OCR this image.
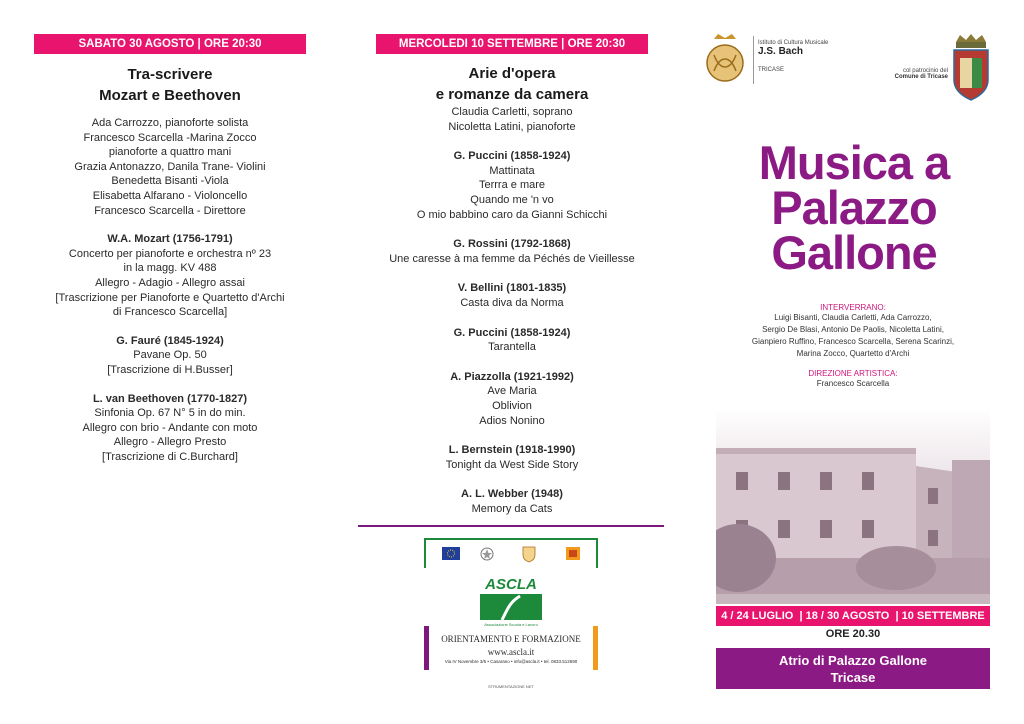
SABATO 30 AGOSTO | ORE 20:30
Tra-scrivere
Mozart e Beethoven
Ada Carrozzo, pianoforte solista
Francesco Scarcella -Marina Zocco
pianoforte a quattro mani
Grazia Antonazzo, Danila Trane- Violini
Benedetta Bisanti -Viola
Elisabetta Alfarano - Violoncello
Francesco Scarcella - Direttore
W.A. Mozart (1756-1791)
Concerto per pianoforte e orchestra nº 23
in la magg. KV 488
Allegro - Adagio - Allegro assai
[Trascrizione per Pianoforte e Quartetto d'Archi
di Francesco Scarcella]
G. Fauré (1845-1924)
Pavane Op. 50
[Trascrizione di H.Busser]
L. van Beethoven (1770-1827)
Sinfonia Op. 67 N° 5 in do min.
Allegro con brio - Andante con moto
Allegro - Allegro Presto
[Trascrizione di C.Burchard]
MERCOLEDI 10 SETTEMBRE | ORE 20:30
Arie d'opera
e romanze da camera
Claudia Carletti, soprano
Nicoletta Latini, pianoforte
G. Puccini (1858-1924)
Mattinata
Terrra e mare
Quando me 'n vo
O mio babbino caro da Gianni Schicchi
G. Rossini (1792-1868)
Une caresse à ma femme da Péchés de Vieillesse
V. Bellini (1801-1835)
Casta diva da Norma
G. Puccini (1858-1924)
Tarantella
A. Piazzolla (1921-1992)
Ave Maria
Oblivion
Adios Nonino
L. Bernstein (1918-1990)
Tonight da West Side Story
A. L. Webber (1948)
Memory da Cats
ASCLA
Associazione Scuola e Lavoro
ORIENTAMENTO E FORMAZIONE
www.ascla.it
Via IV Novembre 3/5 • Casarano • info@ascla.it • tel. 0833.512690
STRUMENTAZIONE NET
Istituto di Cultura Musicale
J.S. Bach
TRICASE	col patrocinio del
Comune di Tricase
Musica a
Palazzo
Gallone
INTERVERRANO:
Luigi Bisanti, Claudia Carletti, Ada Carrozzo,
Sergio De Blasi, Antonio De Paolis, Nicoletta Latini,
Gianpiero Ruffino, Francesco Scarcella, Serena Scarinzi,
Marina Zocco, Quartetto d'Archi
DIREZIONE ARTISTICA:
Francesco Scarcella
4 / 24 LUGLIO  | 18 / 30 AGOSTO  | 10 SETTEMBRE
ORE 20.30
Atrio di Palazzo Gallone
Tricase
